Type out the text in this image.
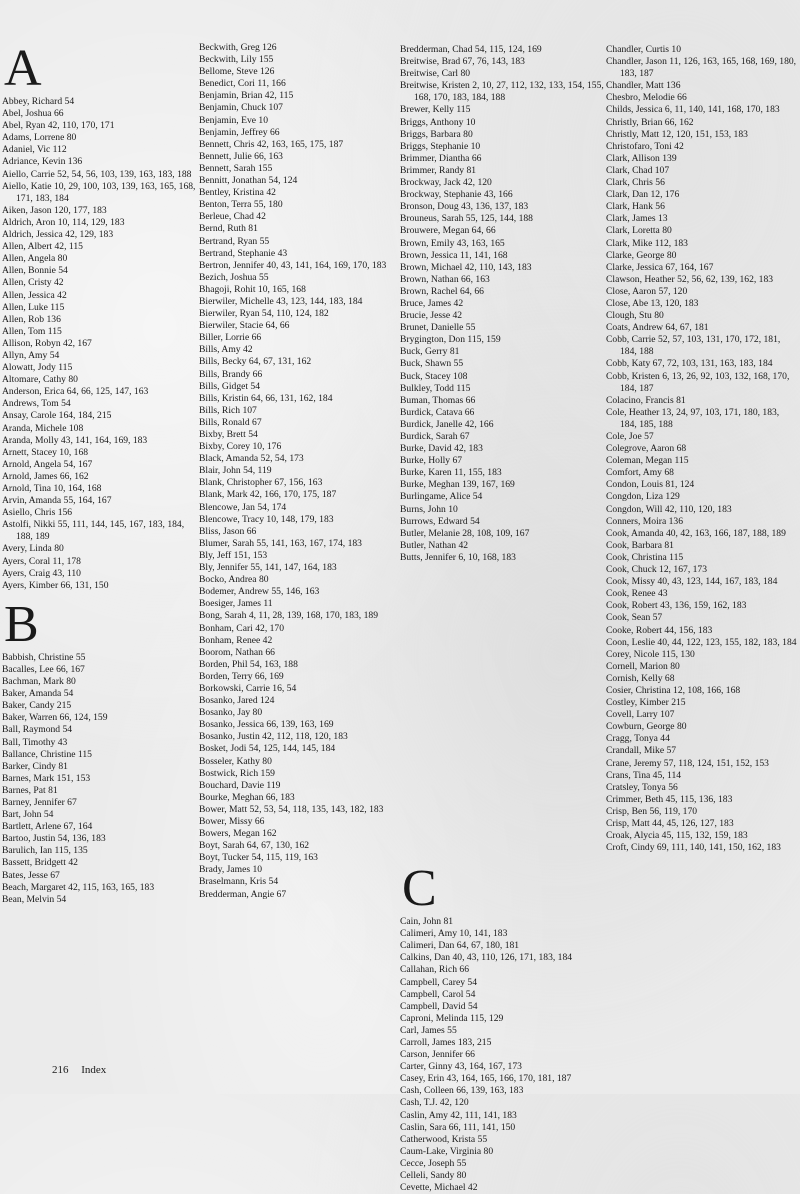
A
Abbey, Richard 54
Abel, Joshua 66
Abel, Ryan 42, 110, 170, 171
Adams, Lorrene 80
Adaniel, Vic 112
Adriance, Kevin 136
Aiello, Carrie 52, 54, 56, 103, 139, 163, 183, 188
Aiello, Katie 10, 29, 100, 103, 139, 163, 165, 168, 171, 183, 184
Aiken, Jason 120, 177, 183
Aldrich, Aron 10, 114, 129, 183
Aldrich, Jessica 42, 129, 183
Allen, Albert 42, 115
Allen, Angela 80
Allen, Bonnie 54
Allen, Cristy 42
Allen, Jessica 42
Allen, Luke 115
Allen, Rob 136
Allen, Tom 115
Allison, Robyn 42, 167
Allyn, Amy 54
Alowatt, Jody 115
Altomare, Cathy 80
Anderson, Erica 64, 66, 125, 147, 163
Andrews, Tom 54
Ansay, Carole 164, 184, 215
Aranda, Michele 108
Aranda, Molly 43, 141, 164, 169, 183
Arnett, Stacey 10, 168
Arnold, Angela 54, 167
Arnold, James 66, 162
Arnold, Tina 10, 164, 168
Arvin, Amanda 55, 164, 167
Asiello, Chris 156
Astolfi, Nikki 55, 111, 144, 145, 167, 183, 184, 188, 189
Avery, Linda 80
Ayers, Coral 11, 178
Ayers, Craig 43, 110
Ayers, Kimber 66, 131, 150
B
Babbish, Christine 55
Bacalles, Lee 66, 167
Bachman, Mark 80
Baker, Amanda 54
Baker, Candy 215
Baker, Warren 66, 124, 159
Ball, Raymond 54
Ball, Timothy 43
Ballance, Christine 115
Barker, Cindy 81
Barnes, Mark 151, 153
Barnes, Pat 81
Barney, Jennifer 67
Bart, John 54
Bartlett, Arlene 67, 164
Bartoo, Justin 54, 136, 183
Barulich, Ian 115, 135
Bassett, Bridgett 42
Bates, Jesse 67
Beach, Margaret 42, 115, 163, 165, 183
Bean, Melvin 54
Beckwith, Greg 126
Beckwith, Lily 155
Bellome, Steve 126
Benedict, Cori 11, 166
Benjamin, Brian 42, 115
Benjamin, Chuck 107
Benjamin, Eve 10
Benjamin, Jeffrey 66
Bennett, Chris 42, 163, 165, 175, 187
Bennett, Julie 66, 163
Bennett, Sarah 155
Bennitt, Jonathan 54, 124
Bentley, Kristina 42
Benton, Terra 55, 180
Berleue, Chad 42
Bernd, Ruth 81
Bertrand, Ryan 55
Bertrand, Stephanie 43
Bertron, Jennifer 40, 43, 141, 164, 169, 170, 183
Bezich, Joshua 55
Bhagoji, Rohit 10, 165, 168
Bierwiler, Michelle 43, 123, 144, 183, 184
Bierwiler, Ryan 54, 110, 124, 182
Bierwiler, Stacie 64, 66
Biller, Lorrie 66
Bills, Amy 42
Bills, Becky 64, 67, 131, 162
Bills, Brandy 66
Bills, Gidget 54
Bills, Kristin 64, 66, 131, 162, 184
Bills, Rich 107
Bills, Ronald 67
Bixby, Brett 54
Bixby, Corey 10, 176
Black, Amanda 52, 54, 173
Blair, John 54, 119
Blank, Christopher 67, 156, 163
Blank, Mark 42, 166, 170, 175, 187
Blencowe, Jan 54, 174
Blencowe, Tracy 10, 148, 179, 183
Bliss, Jason 66
Blumer, Sarah 55, 141, 163, 167, 174, 183
Bly, Jeff 151, 153
Bly, Jennifer 55, 141, 147, 164, 183
Bocko, Andrea 80
Bodemer, Andrew 55, 146, 163
Boesiger, James 11
Bong, Sarah 4, 11, 28, 139, 168, 170, 183, 189
Bonham, Cari 42, 170
Bonham, Renee 42
Boorom, Nathan 66
Borden, Phil 54, 163, 188
Borden, Terry 66, 169
Borkowski, Carrie 16, 54
Bosanko, Jared 124
Bosanko, Jay 80
Bosanko, Jessica 66, 139, 163, 169
Bosanko, Justin 42, 112, 118, 120, 183
Bosket, Jodi 54, 125, 144, 145, 184
Bosseler, Kathy 80
Bostwick, Rich 159
Bouchard, Davie 119
Bourke, Meghan 66, 183
Bower, Matt 52, 53, 54, 118, 135, 143, 182, 183
Bower, Missy 66
Bowers, Megan 162
Boyt, Sarah 64, 67, 130, 162
Boyt, Tucker 54, 115, 119, 163
Brady, James 10
Braselmann, Kris 54
Bredderman, Angie 67
Bredderman, Chad 54, 115, 124, 169
Breitwise, Brad 67, 76, 143, 183
Breitwise, Carl 80
Breitwise, Kristen 2, 10, 27, 112, 132, 133, 154, 155, 168, 170, 183, 184, 188
Brewer, Kelly 115
Briggs, Anthony 10
Briggs, Barbara 80
Briggs, Stephanie 10
Brimmer, Diantha 66
Brimmer, Randy 81
Brockway, Jack 42, 120
Brockway, Stephanie 43, 166
Bronson, Doug 43, 136, 137, 183
Brouneus, Sarah 55, 125, 144, 188
Brouwere, Megan 64, 66
Brown, Emily 43, 163, 165
Brown, Jessica 11, 141, 168
Brown, Michael 42, 110, 143, 183
Brown, Nathan 66, 163
Brown, Rachel 64, 66
Bruce, James 42
Brucie, Jesse 42
Brunet, Danielle 55
Brygington, Don 115, 159
Buck, Gerry 81
Buck, Shawn 55
Buck, Stacey 108
Bulkley, Todd 115
Buman, Thomas 66
Burdick, Catava 66
Burdick, Janelle 42, 166
Burdick, Sarah 67
Burke, David 42, 183
Burke, Holly 67
Burke, Karen 11, 155, 183
Burke, Meghan 139, 167, 169
Burlingame, Alice 54
Burns, John 10
Burrows, Edward 54
Butler, Melanie 28, 108, 109, 167
Butler, Nathan 42
Butts, Jennifer 6, 10, 168, 183
C
Cain, John 81
Calimeri, Amy 10, 141, 183
Calimeri, Dan 64, 67, 180, 181
Calkins, Dan 40, 43, 110, 126, 171, 183, 184
Callahan, Rich 66
Campbell, Carey 54
Campbell, Carol 54
Campbell, David 54
Caproni, Melinda 115, 129
Carl, James 55
Carroll, James 183, 215
Carson, Jennifer 66
Carter, Ginny 43, 164, 167, 173
Casey, Erin 43, 164, 165, 166, 170, 181, 187
Cash, Colleen 66, 139, 163, 183
Cash, T.J. 42, 120
Caslin, Amy 42, 111, 141, 183
Caslin, Sara 66, 111, 141, 150
Catherwood, Krista 55
Caum-Lake, Virginia 80
Cecce, Joseph 55
Celleli, Sandy 80
Cevette, Michael 42
Chandler, Curtis 10
Chandler, Jason 11, 126, 163, 165, 168, 169, 180, 183, 187
Chandler, Matt 136
Chesbro, Melodie 66
Childs, Jessica 6, 11, 140, 141, 168, 170, 183
Christly, Brian 66, 162
Christly, Matt 12, 120, 151, 153, 183
Christofaro, Toni 42
Clark, Allison 139
Clark, Chad 107
Clark, Chris 56
Clark, Dan 12, 176
Clark, Hank 56
Clark, James 13
Clark, Loretta 80
Clark, Mike 112, 183
Clarke, George 80
Clarke, Jessica 67, 164, 167
Clawson, Heather 52, 56, 62, 139, 162, 183
Close, Aaron 57, 120
Close, Abe 13, 120, 183
Clough, Stu 80
Coats, Andrew 64, 67, 181
Cobb, Carrie 52, 57, 103, 131, 170, 172, 181, 184, 188
Cobb, Katy 67, 72, 103, 131, 163, 183, 184
Cobb, Kristen 6, 13, 26, 92, 103, 132, 168, 170, 184, 187
Colacino, Francis 81
Cole, Heather 13, 24, 97, 103, 171, 180, 183, 184, 185, 188
Cole, Joe 57
Colegrove, Aaron 68
Coleman, Megan 115
Comfort, Amy 68
Condon, Louis 81, 124
Congdon, Liza 129
Congdon, Will 42, 110, 120, 183
Conners, Moira 136
Cook, Amanda 40, 42, 163, 166, 187, 188, 189
Cook, Barbara 81
Cook, Christina 115
Cook, Chuck 12, 167, 173
Cook, Missy 40, 43, 123, 144, 167, 183, 184
Cook, Renee 43
Cook, Robert 43, 136, 159, 162, 183
Cook, Sean 57
Cooke, Robert 44, 156, 183
Coon, Leslie 40, 44, 122, 123, 155, 182, 183, 184
Corey, Nicole 115, 130
Cornell, Marion 80
Cornish, Kelly 68
Cosier, Christina 12, 108, 166, 168
Costley, Kimber 215
Covell, Larry 107
Cowburn, George 80
Cragg, Tonya 44
Crandall, Mike 57
Crane, Jeremy 57, 118, 124, 151, 152, 153
Crans, Tina 45, 114
Cratsley, Tonya 56
Crimmer, Beth 45, 115, 136, 183
Crisp, Ben 56, 119, 170
Crisp, Matt 44, 45, 126, 127, 183
Croak, Alycia 45, 115, 132, 159, 183
Croft, Cindy 69, 111, 140, 141, 150, 162, 183
216 Index
